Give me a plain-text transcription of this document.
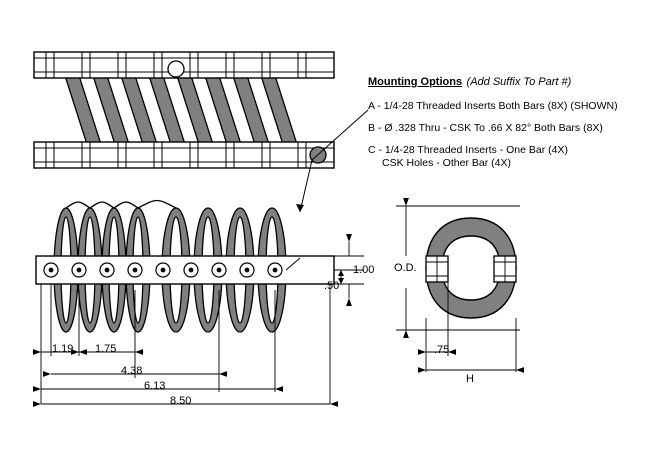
Mounting Options (Add Suffix To Part #)
A - 1/4-28 Threaded Inserts Both Bars (8X) (SHOWN)
B - Ø .328 Thru - CSK To .66 X 82° Both Bars (8X)
C - 1/4-28 Threaded Inserts - One Bar (4X)
CSK Holes - Other Bar (4X)
1.19 1.75
4.38
6.13
8.50
1.00
.50
O.D.
.75
H
